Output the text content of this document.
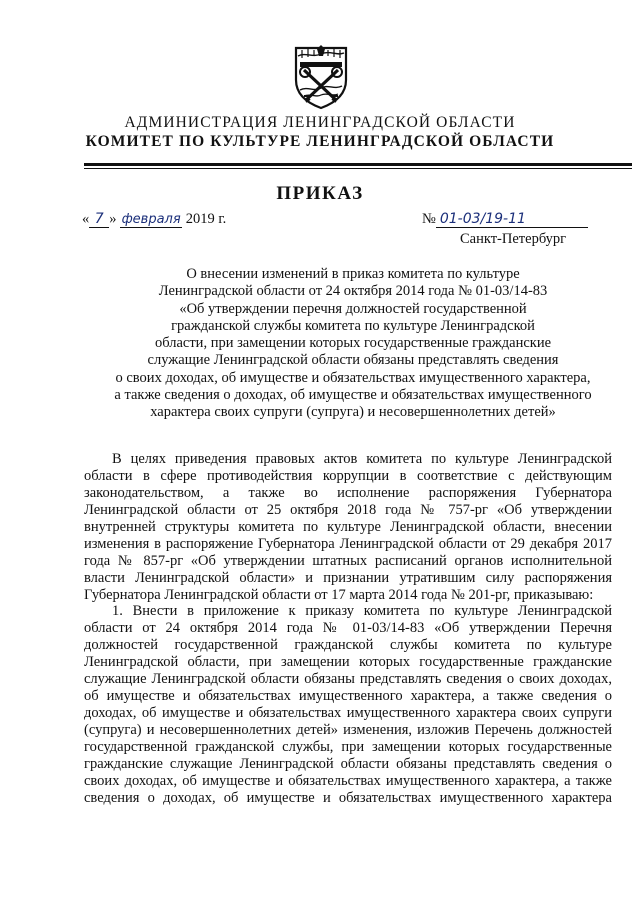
АДМИНИСТРАЦИЯ ЛЕНИНГРАДСКОЙ ОБЛАСТИ
КОМИТЕТ ПО КУЛЬТУРЕ ЛЕНИНГРАДСКОЙ ОБЛАСТИ
ПРИКАЗ
« 7 » февраля 2019 г.	№ 01-03/19-11
Санкт-Петербург
О внесении изменений в приказ комитета по культуре
Ленинградской области от 24 октября 2014 года № 01-03/14-83
«Об утверждении перечня должностей государственной
гражданской службы комитета по культуре Ленинградской
области, при замещении которых государственные гражданские
служащие Ленинградской области обязаны представлять сведения
о своих доходах, об имуществе и обязательствах имущественного характера,
а также сведения о доходах, об имуществе и обязательствах имущественного
характера своих супруги (супруга) и несовершеннолетних детей»
В целях приведения правовых актов комитета по культуре Ленинградской
области в сфере противодействия коррупции в соответствие с действующим
законодательством, а также во исполнение распоряжения Губернатора
Ленинградской области от 25 октября 2018 года № 757-рг «Об утверждении
внутренней структуры комитета по культуре Ленинградской области, внесении
изменения в распоряжение Губернатора Ленинградской области от 29 декабря 2017
года № 857-рг «Об утверждении штатных расписаний органов исполнительной
власти Ленинградской области» и признании утратившим силу распоряжения
Губернатора Ленинградской области от 17 марта 2014 года № 201-рг, приказываю:
1. Внести в приложение к приказу комитета по культуре Ленинградской
области от 24 октября 2014 года № 01-03/14-83 «Об утверждении Перечня
должностей государственной гражданской службы комитета по культуре
Ленинградской области, при замещении которых государственные гражданские
служащие Ленинградской области обязаны представлять сведения о своих доходах,
об имуществе и обязательствах имущественного характера, а также сведения о
доходах, об имуществе и обязательствах имущественного характера своих супруги
(супруга) и несовершеннолетних детей» изменения, изложив Перечень должностей
государственной гражданской службы, при замещении которых государственные
гражданские служащие Ленинградской области обязаны представлять сведения о
своих доходах, об имуществе и обязательствах имущественного характера, а также
сведения о доходах, об имуществе и обязательствах имущественного характера
